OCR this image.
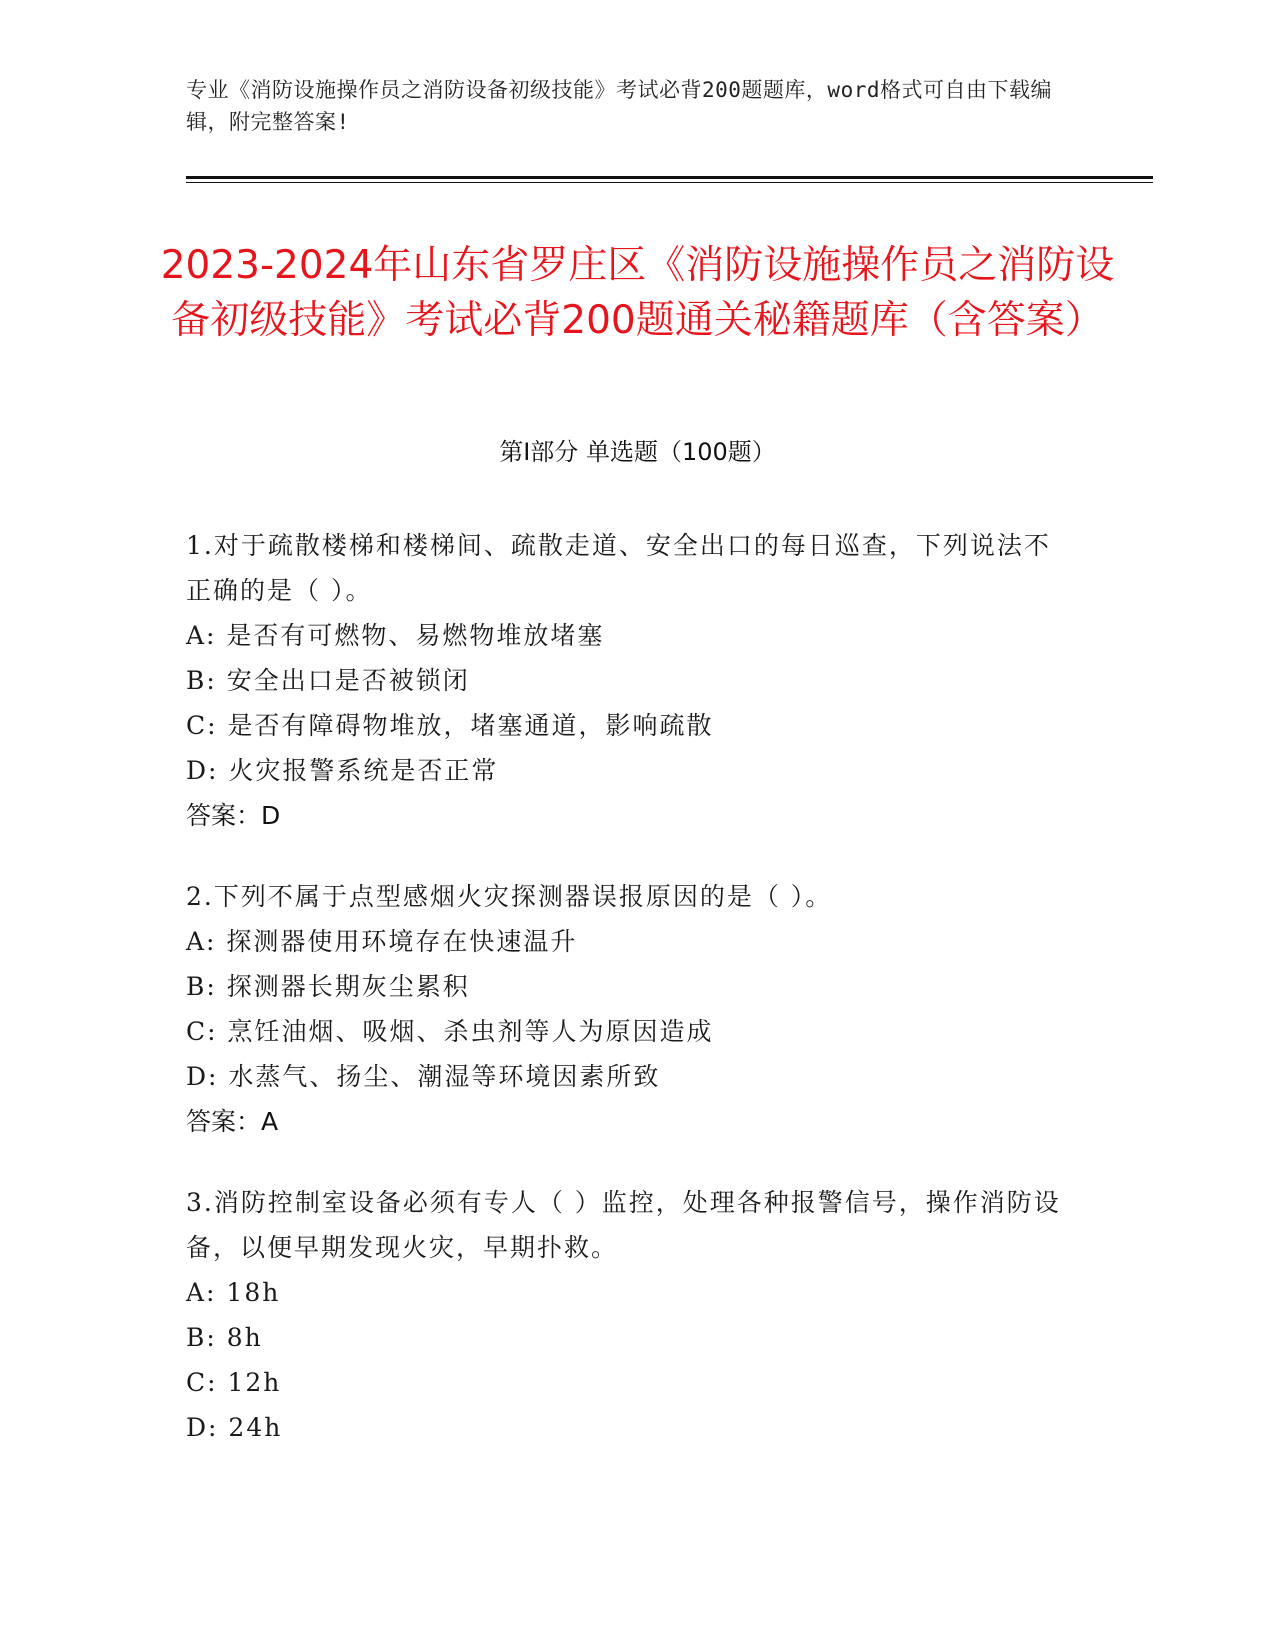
专业《消防设施操作员之消防设备初级技能》考试必背200题题库，word格式可自由下载编辑，附完整答案!
2023-2024年山东省罗庄区《消防设施操作员之消防设备初级技能》考试必背200题通关秘籍题库（含答案）
第I部分 单选题（100题）

1.对于疏散楼梯和楼梯间、疏散走道、安全出口的每日巡查，下列说法不正确的是（ ）。

A: 是否有可燃物、易燃物堆放堵塞

B: 安全出口是否被锁闭

C: 是否有障碍物堆放，堵塞通道，影响疏散

D: 火灾报警系统是否正常

答案：D

2.下列不属于点型感烟火灾探测器误报原因的是（ ）。

A: 探测器使用环境存在快速温升

B: 探测器长期灰尘累积

C: 烹饪油烟、吸烟、杀虫剂等人为原因造成

D: 水蒸气、扬尘、潮湿等环境因素所致

答案：A

3.消防控制室设备必须有专人（ ）监控，处理各种报警信号，操作消防设备，以便早期发现火灾，早期扑救。

A: 18h

B: 8h

C: 12h

D: 24h
